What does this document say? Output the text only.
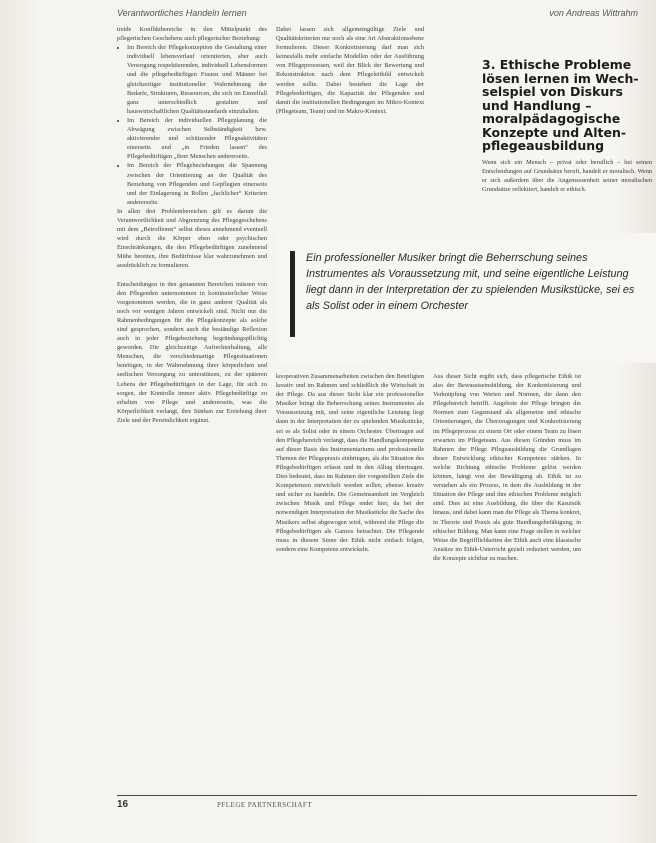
Verantwortliches Handeln lernen	von Andreas Wittrahm

treide Konfliktbereiche in den Mittelpunkt des pflegerischen Geschehens auch pflegerischer Beziehung:

• Im Bereich der Pflegekonzeption die Gestaltung einer individuell lebensverlauf orientierten, aber auch Versorgung respektierenden, individuell Lebensformen und die pflegebedürftigen Frauen und Männer bei gleichzeitiger institutioneller Wahrnehmung der Bedarfe, Strukturen, Ressourcen, die sich im Einzelfall ganz unterschiedlich gestalten und hauswirtschaftlichen Qualitätsstandards einzuhalten.
• Im Bereich der individuellen Pflegeplanung die Abwägung zwischen Selbständigkeit bzw. aktivierender und schützender Pflegeaktivitäten einerseits und „in Frieden lassen“ des Pflegebedürftigen „ihrer Menschen andererseits.
• Im Bereich der Pflegebeziehungen die Spannung zwischen der Orientierung an der Qualität des Beziehung von Pflegenden und Gepflegten einerseits und der Einlagerung in Rollen „fachlicher“ Kriterien andererseits.

In allen drei Problembereichen gilt es darum die Verantwortlichkeit und Abgrenzung des Pflegegeschehens mit dem „Betroffenen“ selbst dieses annehmend eventuell wird durch die Körper eben oder psychischen Einschränkungen, die den Pflegebedürftigen zunehmend Mühe bereiten, ihre Bedürfnisse klar wahrzunehmen und ausdrücklich zu formulieren.

Entscheidungen in den genannten Bereichen müssen von den Pflegenden unternommen in kontinuierlicher Weise vorgenommen werden, die in ganz anderer Qualität als noch vor wenigen Jahren entwickelt sind. Nicht nur die Rahmenbedingungen für die Pflegekonzepte als solche sind gesprochen, sondern auch die beständige Reflexion auch in jeder Pflegebeziehung begründungspflichtig geworden. Die gleichzeitige Aufrechterhaltung, alle Menschen, die verschiedenartige Pflegesituationen benötigen, in der Wahrnehmung ihrer körperlichen und seelischen Versorgung zu unterstützen, zu der späteren Lebens der Pflegebedürftigen in der Lage, für sich zu sorgen, der Kontrolle immer aktiv. Pflegebedürftige zu erhalten von Pflege und andererseits, was die Körperlichkeit verlangt, ihre Stärken zur Erziehung ihrer Ziele und der Persönlichkeit ergänzt.

Dabei lassen sich allgemeingültige Ziele und Qualitätskriterien nur noch als eine Art Abstraktionsebene formulieren. Dieser Konkretisierung darf man sich keinesfalls mehr einfache Modellen oder der Ausführung von Pflegeprozessen, weil der Blick der Bewertung und Rekonstruktion nach dem Pflegeleitbild entwickelt werden sollte. Dabei bestehen die Lage der Pflegebedürftigen, die Kapazität der Pflegenden und damit die institutionellen Bedingungen im Mikro-Kontext (Pflegeteam, Team) und im Makro-Kontext.

3. Ethische Probleme
lösen lernen im Wech-
selspiel von Diskurs
und Handlung –
moralpädagogische
Konzepte und Alten-
pflegeausbildung

Wenn sich ein Mensch – privat oder beruflich – bei seinen Entscheidungen auf Grundsätze beruft, handelt er moralisch. Wenn er sich außerdem über die Angemessenheit seiner moralischen Grundsätze reflektiert, handelt er ethisch.

Ein professioneller Musiker bringt die Beherrschung seines Instrumentes als Voraussetzung mit, und seine eigentliche Leistung liegt dann in der Interpretation der zu spielenden Musikstücke, sei es als Solist oder in einem Orchester

kooperativen Zusammenarbeiten zwischen den Beteiligten kreativ und im Rahmen und schließlich die Wirtschaft in der Pflege. Da aus dieser Sicht klar ein professioneller Musiker bringt die Beherrschung seines Instrumentes als Voraussetzung mit, und seine eigentliche Leistung liegt dann in der Interpretation der zu spielenden Musikstücke, sei es als Solist oder in einem Orchester. Übertragen auf den Pflegebereich verlangt, dass die Handlungskompetenz auf dieser Basis des Instrumentariums und professionelle Themen der Pflegepraxis einbringen, als die Situation des Pflegebedürftigen erfasst und in den Alltag übertragen. Dies bedeutet, dass im Rahmen der vorgestellten Ziele die Kompetenzen entwickelt werden sollen, ebenso kreativ und sicher zu handeln. Die Gemeinsamkeit im Vergleich zwischen Musik und Pflege endet hier, da bei der notwendigen Interpretation der Musikstücke die Sache des Musikers selbst abgewogen wird, während die Pflege die Pflegebedürftigen als Ganzes betrachtet. Die Pflegende muss in diesem Sinne der Ethik nicht einfach folgen, sondern eine Kompetenz entwickeln.

Aus dieser Sicht ergibt sich, dass pflegerische Ethik ist also der Bewusstseinsbildung, der Konkretisierung und Verknüpfung von Werten und Normen, die dann den Pflegebereich betrifft. Angebote der Pflege bringen die Normen zum Gegenstand als allgemeine und ethische Orientierungen, die Überzeugungen und Konkretisierung im Pflegeprozess zu einem Ort oder einem Team zu lösen erwarten im Pflegeteam. Aus diesen Gründen muss im Rahmen der Pflege Pflegeausbildung die Grundlagen dieser Entwicklung ethischer Kompetenz stärken. In welche Richtung ethische Probleme gelöst werden können, hängt von der Bewältigung ab. Ethik ist zu verstehen als ein Prozess, in dem die Ausbildung in der Situation der Pflege und ihre ethischen Probleme möglich sind. Dies ist eine Ausbildung, die über die Kasuistik hinaus, und dabei kann man die Pflege als Thema konkret, in Theorie und Praxis als gute Handlungsbefähigung, in ethischer Bildung. Man kann eine Frage stellen in welcher Weise die Begrifflichkeiten der Ethik auch eine klassische Ansätze im Ethik-Unterricht gezielt reduziert werden, um die Konzepte sichtbar zu machen.

16	PFLEGE PARTNERSCHAFT
